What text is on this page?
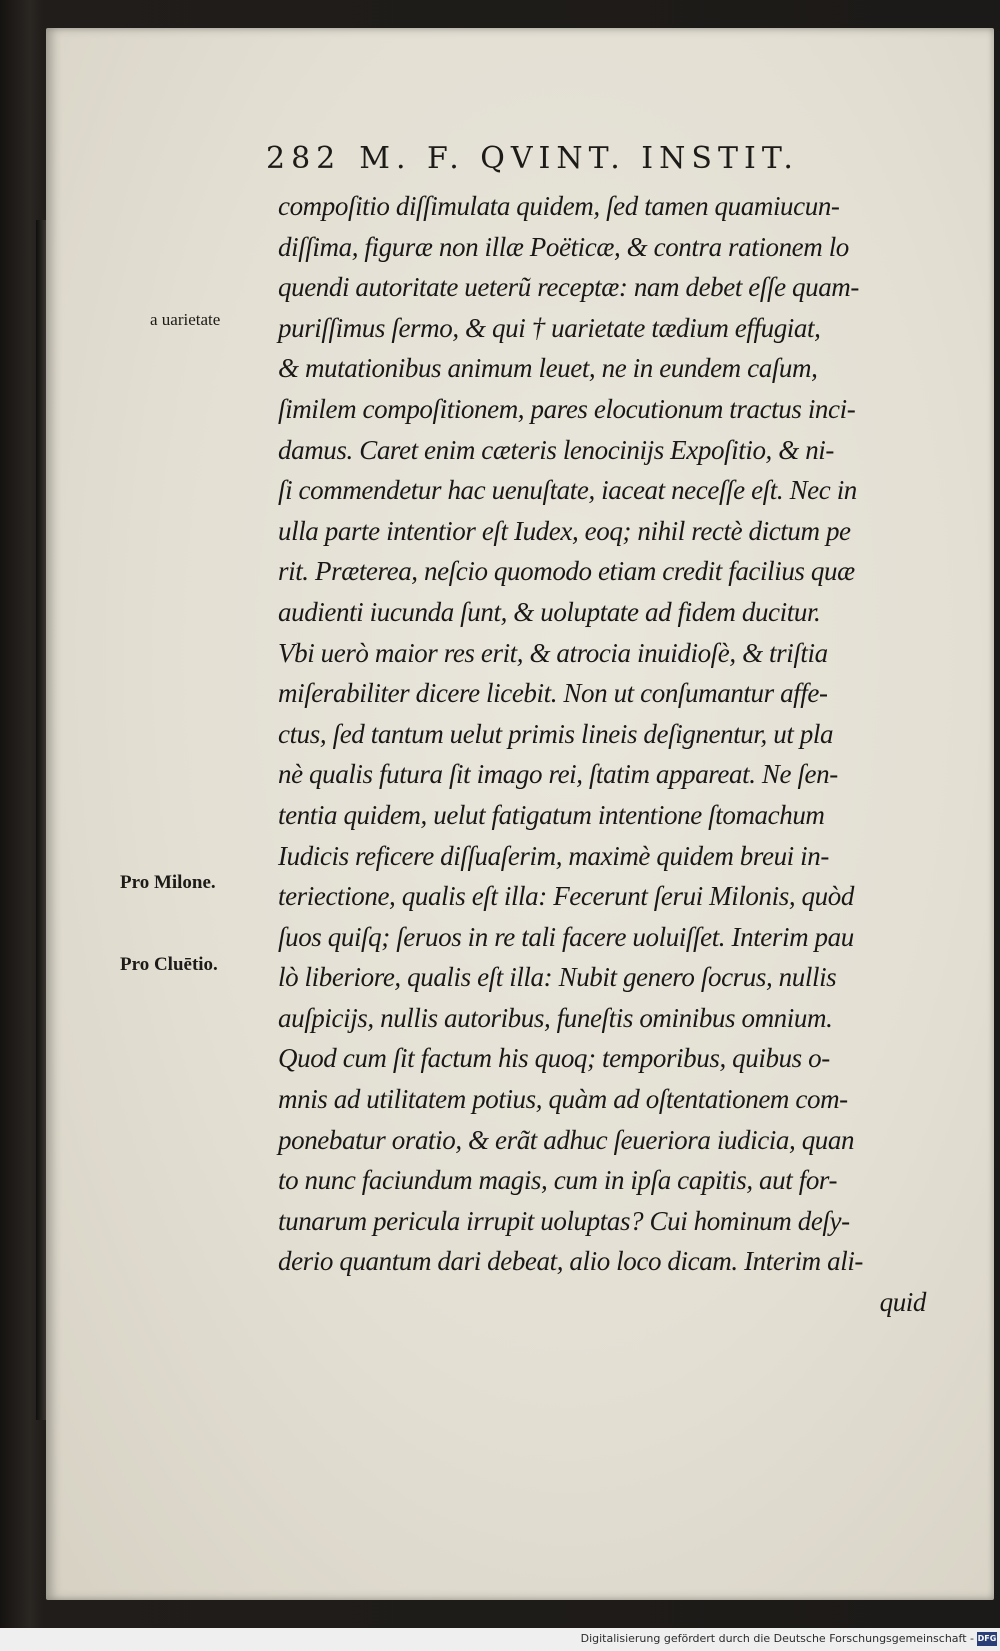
282 M. F. QVINT. INSTIT.
a uarietate
Pro Milone.
Pro Cluētio.
compoſitio diſſimulata quidem, ſed tamen quamiucun-
diſſima, figuræ non illæ Poëticæ, & contra rationem lo
quendi autoritate ueterũ receptæ: nam debet eſſe quam-
puriſſimus ſermo, & qui † uarietate tædium effugiat,
& mutationibus animum leuet, ne in eundem caſum,
ſimilem compoſitionem, pares elocutionum tractus inci-
damus. Caret enim cæteris lenocinijs Expoſitio, & ni-
ſi commendetur hac uenuſtate, iaceat neceſſe eſt. Nec in
ulla parte intentior eſt Iudex, eoq; nihil rectè dictum pe
rit. Præterea, neſcio quomodo etiam credit facilius quæ
audienti iucunda ſunt, & uoluptate ad fidem ducitur.
Vbi uerò maior res erit, & atrocia inuidioſè, & triſtia
miſerabiliter dicere licebit. Non ut conſumantur affe-
ctus, ſed tantum uelut primis lineis deſignentur, ut pla
nè qualis futura ſit imago rei, ſtatim appareat. Ne ſen-
tentia quidem, uelut fatigatum intentione ſtomachum
Iudicis reficere diſſuaſerim, maximè quidem breui in-
teriectione, qualis eſt illa: Fecerunt ſerui Milonis, quòd
ſuos quiſq; ſeruos in re tali facere uoluiſſet. Interim pau
lò liberiore, qualis eſt illa: Nubit genero ſocrus, nullis
auſpicijs, nullis autoribus, funeſtis ominibus omnium.
Quod cum ſit factum his quoq; temporibus, quibus o-
mnis ad utilitatem potius, quàm ad oſtentationem com-
ponebatur oratio, & erãt adhuc ſeueriora iudicia, quan
to nunc faciundum magis, cum in ipſa capitis, aut for-
tunarum pericula irrupit uoluptas? Cui hominum deſy-
derio quantum dari debeat, alio loco dicam. Interim ali-
quid
Digitalisierung gefördert durch die Deutsche Forschungsgemeinschaft - DFG
